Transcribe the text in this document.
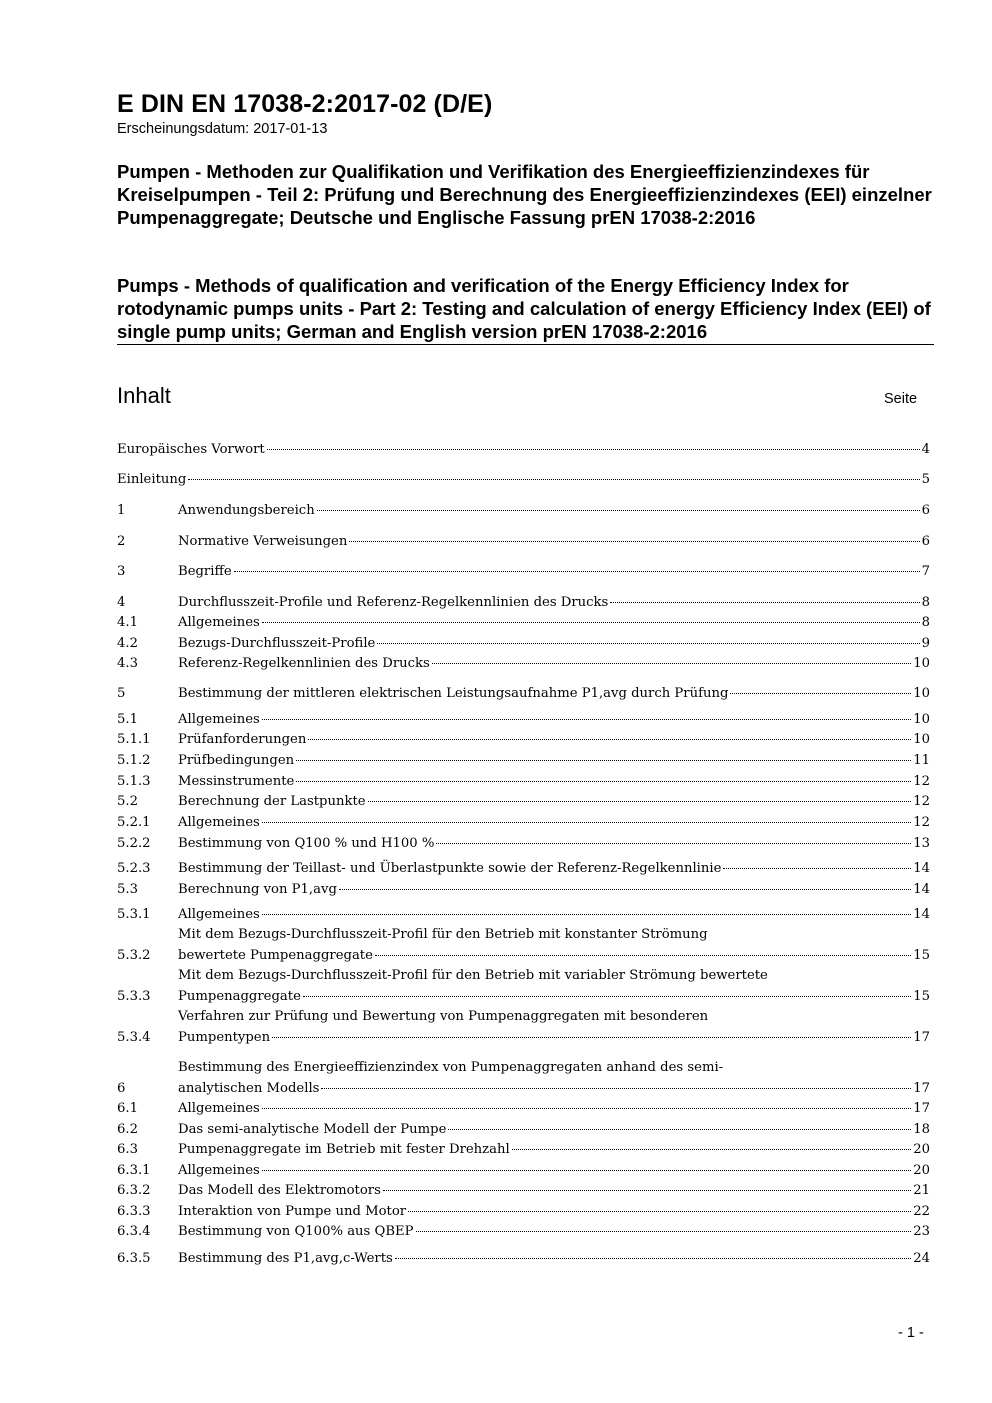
E DIN EN 17038-2:2017-02 (D/E)
Erscheinungsdatum: 2017-01-13
Pumpen - Methoden zur Qualifikation und Verifikation des Energieeffizienzindexes für Kreiselpumpen - Teil 2: Prüfung und Berechnung des Energieeffizienzindexes (EEI) einzelner Pumpenaggregate; Deutsche und Englische Fassung prEN 17038-2:2016
Pumps - Methods of qualification and verification of the Energy Efficiency Index for rotodynamic pumps units - Part 2: Testing and calculation of energy Efficiency Index (EEI) of single pump units; German and English version prEN 17038-2:2016
Inhalt	Seite
Europäisches Vorwort	4
Einleitung	5
1	Anwendungsbereich	6
2	Normative Verweisungen	6
3	Begriffe	7
4	Durchflusszeit-Profile und Referenz-Regelkennlinien des Drucks	8
4.1	Allgemeines	8
4.2	Bezugs-Durchflusszeit-Profile	9
4.3	Referenz-Regelkennlinien des Drucks	10
5	Bestimmung der mittleren elektrischen Leistungsaufnahme P1,avg durch Prüfung	10
5.1	Allgemeines	10
5.1.1 Prüfanforderungen	10
5.1.2 Prüfbedingungen	11
5.1.3 Messinstrumente	12
5.2	Berechnung der Lastpunkte	12
5.2.1 Allgemeines	12
5.2.2 Bestimmung von Q100 % und H100 %	13
5.2.3 Bestimmung der Teillast- und Überlastpunkte sowie der Referenz-Regelkennlinie	14
5.3	Berechnung von P1,avg	14
5.3.1 Allgemeines	14
5.3.2
Mit dem Bezugs-Durchflusszeit-Profil für den Betrieb mit konstanter Strömung
bewertete Pumpenaggregate	15
5.3.3
Mit dem Bezugs-Durchflusszeit-Profil für den Betrieb mit variabler Strömung bewertete
Pumpenaggregate	15
5.3.4
Verfahren zur Prüfung und Bewertung von Pumpenaggregaten mit besonderen
Pumpentypen	17
6
Bestimmung des Energieeffizienzindex von Pumpenaggregaten anhand des semi-
analytischen Modells	17
6.1	Allgemeines	17
6.2	Das semi-analytische Modell der Pumpe	18
6.3	Pumpenaggregate im Betrieb mit fester Drehzahl	20
6.3.1 Allgemeines	20
6.3.2 Das Modell des Elektromotors	21
6.3.3 Interaktion von Pumpe und Motor	22
6.3.4 Bestimmung von Q100% aus QBEP	23
6.3.5 Bestimmung des P1,avg,c-Werts	24
- 1 -
